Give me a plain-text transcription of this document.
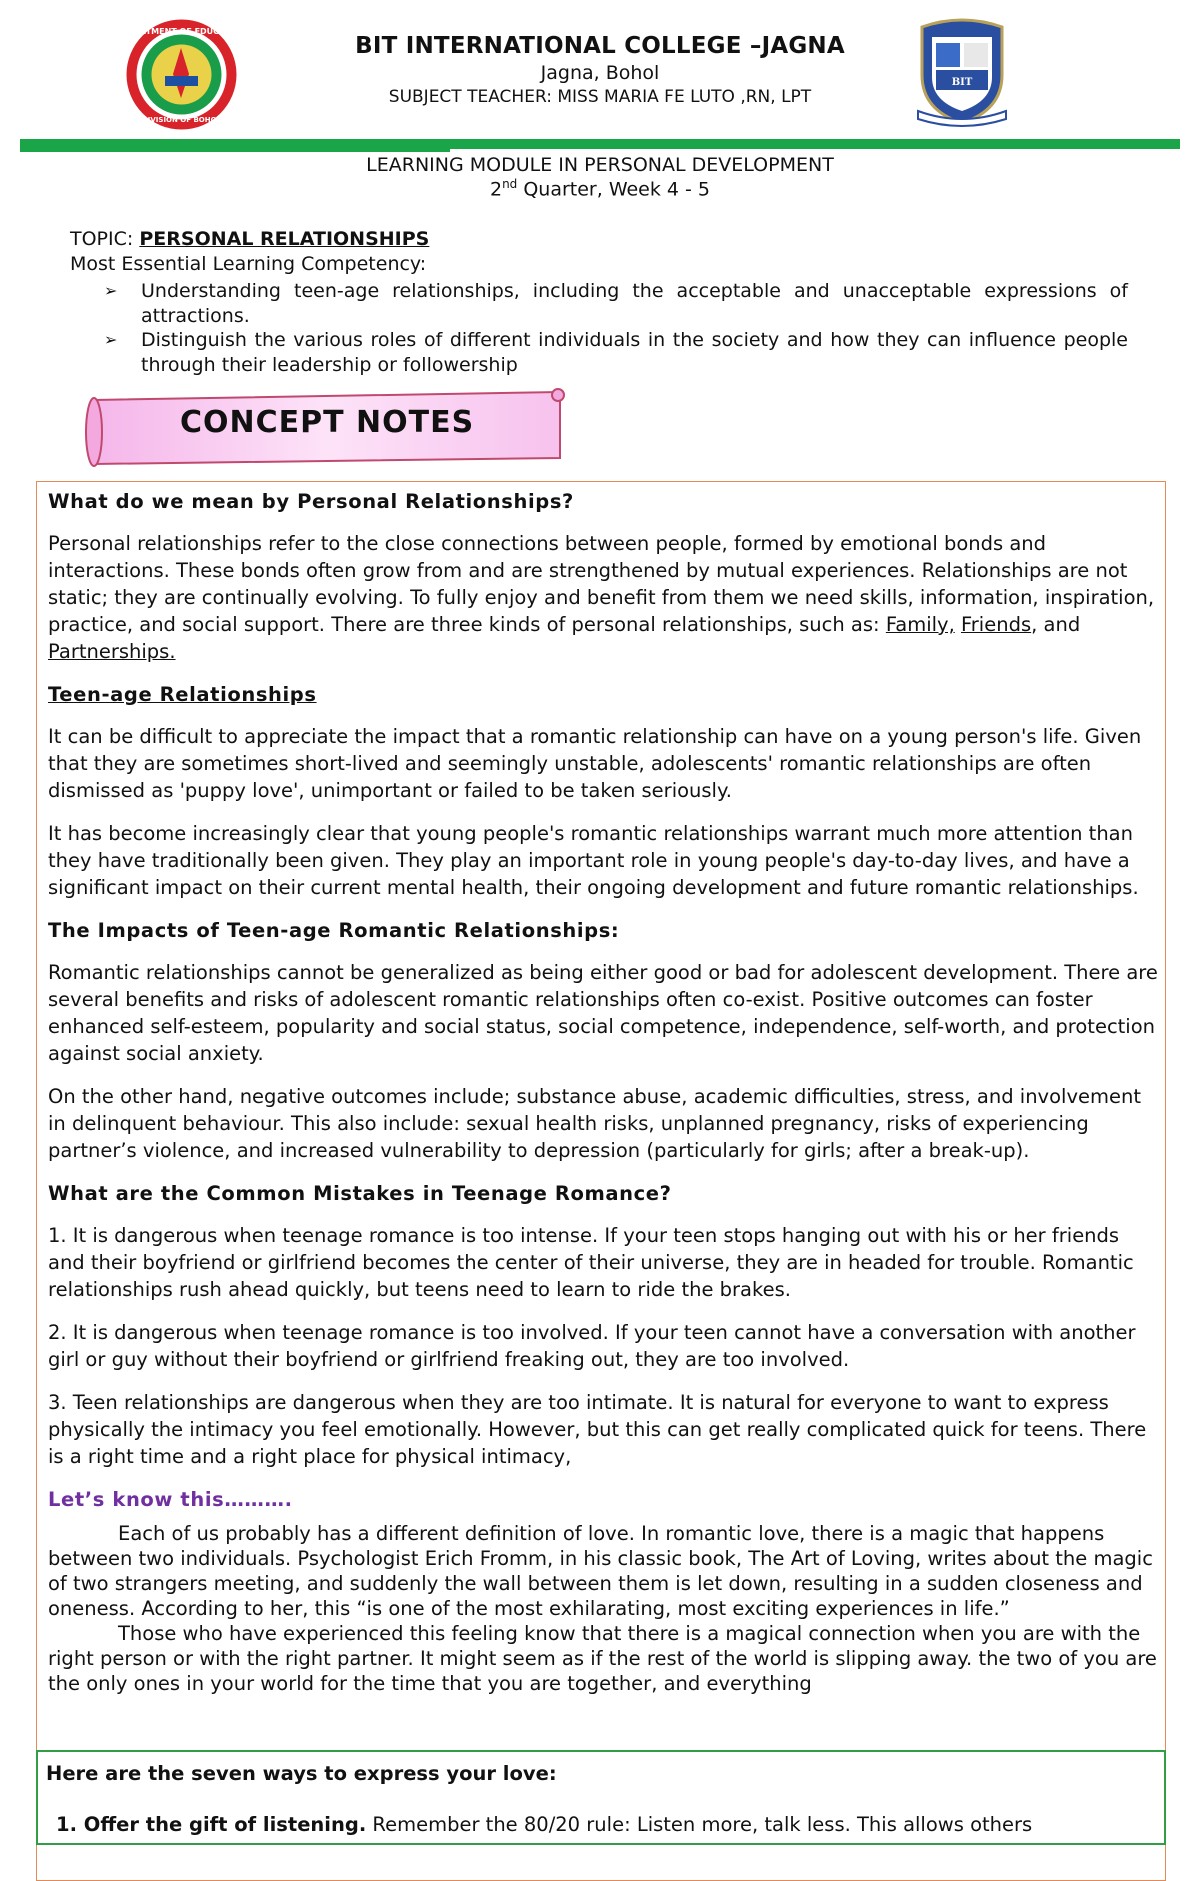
DEPARTMENT OF EDUCATION
DIVISION OF BOHOL
BIT
BIT INTERNATIONAL COLLEGE –JAGNA
Jagna, Bohol
SUBJECT TEACHER: MISS MARIA FE LUTO ,RN, LPT
LEARNING MODULE IN PERSONAL DEVELOPMENT
2nd Quarter, Week 4 - 5
TOPIC: PERSONAL RELATIONSHIPS
Most Essential Learning Competency:
➢ Understanding teen-age relationships, including the acceptable and unacceptable expressions of attractions.
➢ Distinguish the various roles of different individuals in the society and how they can influence people through their leadership or followership
CONCEPT NOTES
What do we mean by Personal Relationships?

Personal relationships refer to the close connections between people, formed by emotional bonds and interactions. These bonds often grow from and are strengthened by mutual experiences. Relationships are not static; they are continually evolving. To fully enjoy and benefit from them we need skills, information, inspiration, practice, and social support. There are three kinds of personal relationships, such as: Family, Friends, and Partnerships.

Teen-age Relationships

It can be difficult to appreciate the impact that a romantic relationship can have on a young person's life. Given that they are sometimes short-lived and seemingly unstable, adolescents' romantic relationships are often dismissed as 'puppy love', unimportant or failed to be taken seriously.

It has become increasingly clear that young people's romantic relationships warrant much more attention than they have traditionally been given. They play an important role in young people's day-to-day lives, and have a significant impact on their current mental health, their ongoing development and future romantic relationships.

The Impacts of Teen-age Romantic Relationships:

Romantic relationships cannot be generalized as being either good or bad for adolescent development. There are several benefits and risks of adolescent romantic relationships often co-exist. Positive outcomes can foster enhanced self-esteem, popularity and social status, social competence, independence, self-worth, and protection against social anxiety.

On the other hand, negative outcomes include; substance abuse, academic difficulties, stress, and involvement in delinquent behaviour. This also include: sexual health risks, unplanned pregnancy, risks of experiencing partner’s violence, and increased vulnerability to depression (particularly for girls; after a break-up).

What are the Common Mistakes in Teenage Romance?

1. It is dangerous when teenage romance is too intense. If your teen stops hanging out with his or her friends and their boyfriend or girlfriend becomes the center of their universe, they are in headed for trouble. Romantic relationships rush ahead quickly, but teens need to learn to ride the brakes.

2. It is dangerous when teenage romance is too involved. If your teen cannot have a conversation with another girl or guy without their boyfriend or girlfriend freaking out, they are too involved.

3. Teen relationships are dangerous when they are too intimate. It is natural for everyone to want to express physically the intimacy you feel emotionally. However, but this can get really complicated quick for teens. There is a right time and a right place for physical intimacy,

Let’s know this……….

Each of us probably has a different definition of love. In romantic love, there is a magic that happens between two individuals. Psychologist Erich Fromm, in his classic book, The Art of Loving, writes about the magic of two strangers meeting, and suddenly the wall between them is let down, resulting in a sudden closeness and oneness. According to her, this “is one of the most exhilarating, most exciting experiences in life.”

Those who have experienced this feeling know that there is a magical connection when you are with the right person or with the right partner. It might seem as if the rest of the world is slipping away. the two of you are the only ones in your world for the time that you are together, and everything

Here are the seven ways to express your love:
1. Offer the gift of listening. Remember the 80/20 rule: Listen more, talk less. This allows others
